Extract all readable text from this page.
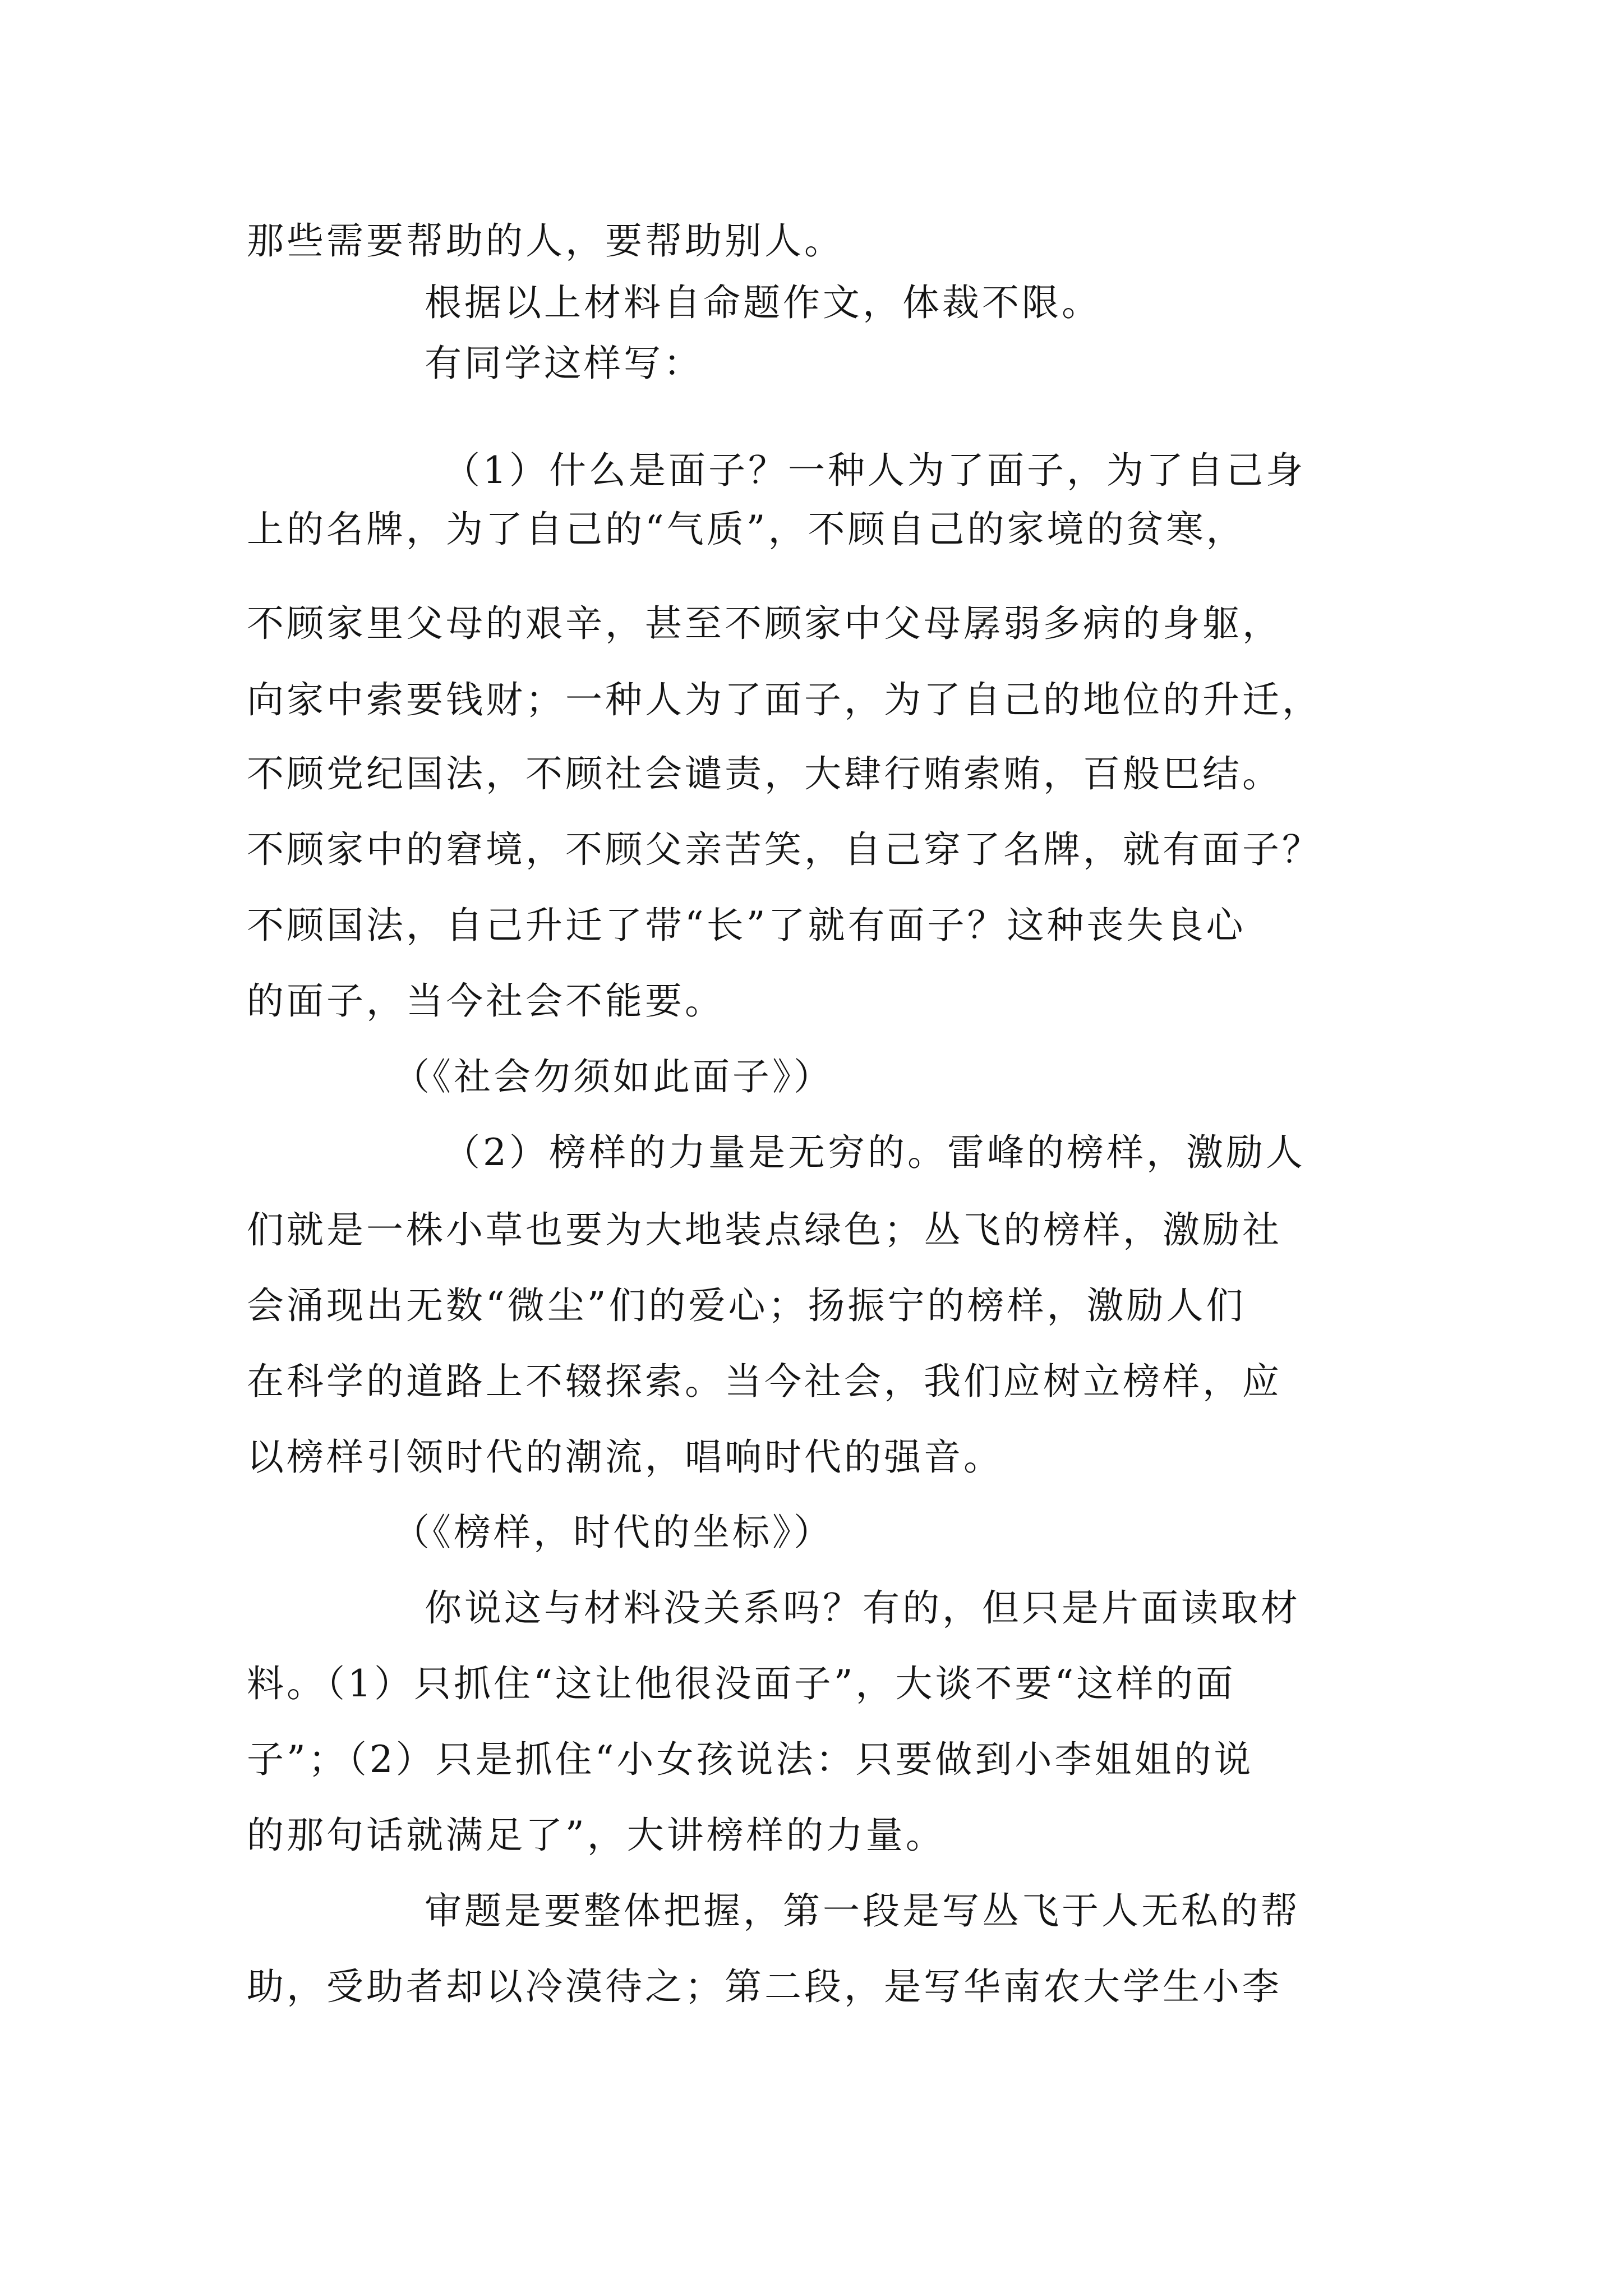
那些需要帮助的人，要帮助别人。
根据以上材料自命题作文，体裁不限。
有同学这样写：
（1）什么是面子？一种人为了面子，为了自己身
上的名牌，为了自己的“气质”，不顾自己的家境的贫寒，
不顾家里父母的艰辛，甚至不顾家中父母孱弱多病的身躯，
向家中索要钱财；一种人为了面子，为了自己的地位的升迁，
不顾党纪国法，不顾社会谴责，大肆行贿索贿，百般巴结。
不顾家中的窘境，不顾父亲苦笑，自己穿了名牌，就有面子？
不顾国法，自己升迁了带“长”了就有面子？这种丧失良心
的面子，当今社会不能要。
（《社会勿须如此面子》）
（2）榜样的力量是无穷的。雷峰的榜样，激励人
们就是一株小草也要为大地装点绿色；丛飞的榜样，激励社
会涌现出无数“微尘”们的爱心；扬振宁的榜样，激励人们
在科学的道路上不辍探索。当今社会，我们应树立榜样，应
以榜样引领时代的潮流，唱响时代的强音。
（《榜样，时代的坐标》）
你说这与材料没关系吗？有的，但只是片面读取材
料。（1）只抓住“这让他很没面子”，大谈不要“这样的面
子”；（2）只是抓住“小女孩说法：只要做到小李姐姐的说
的那句话就满足了”，大讲榜样的力量。
审题是要整体把握，第一段是写丛飞于人无私的帮
助，受助者却以冷漠待之；第二段，是写华南农大学生小李
